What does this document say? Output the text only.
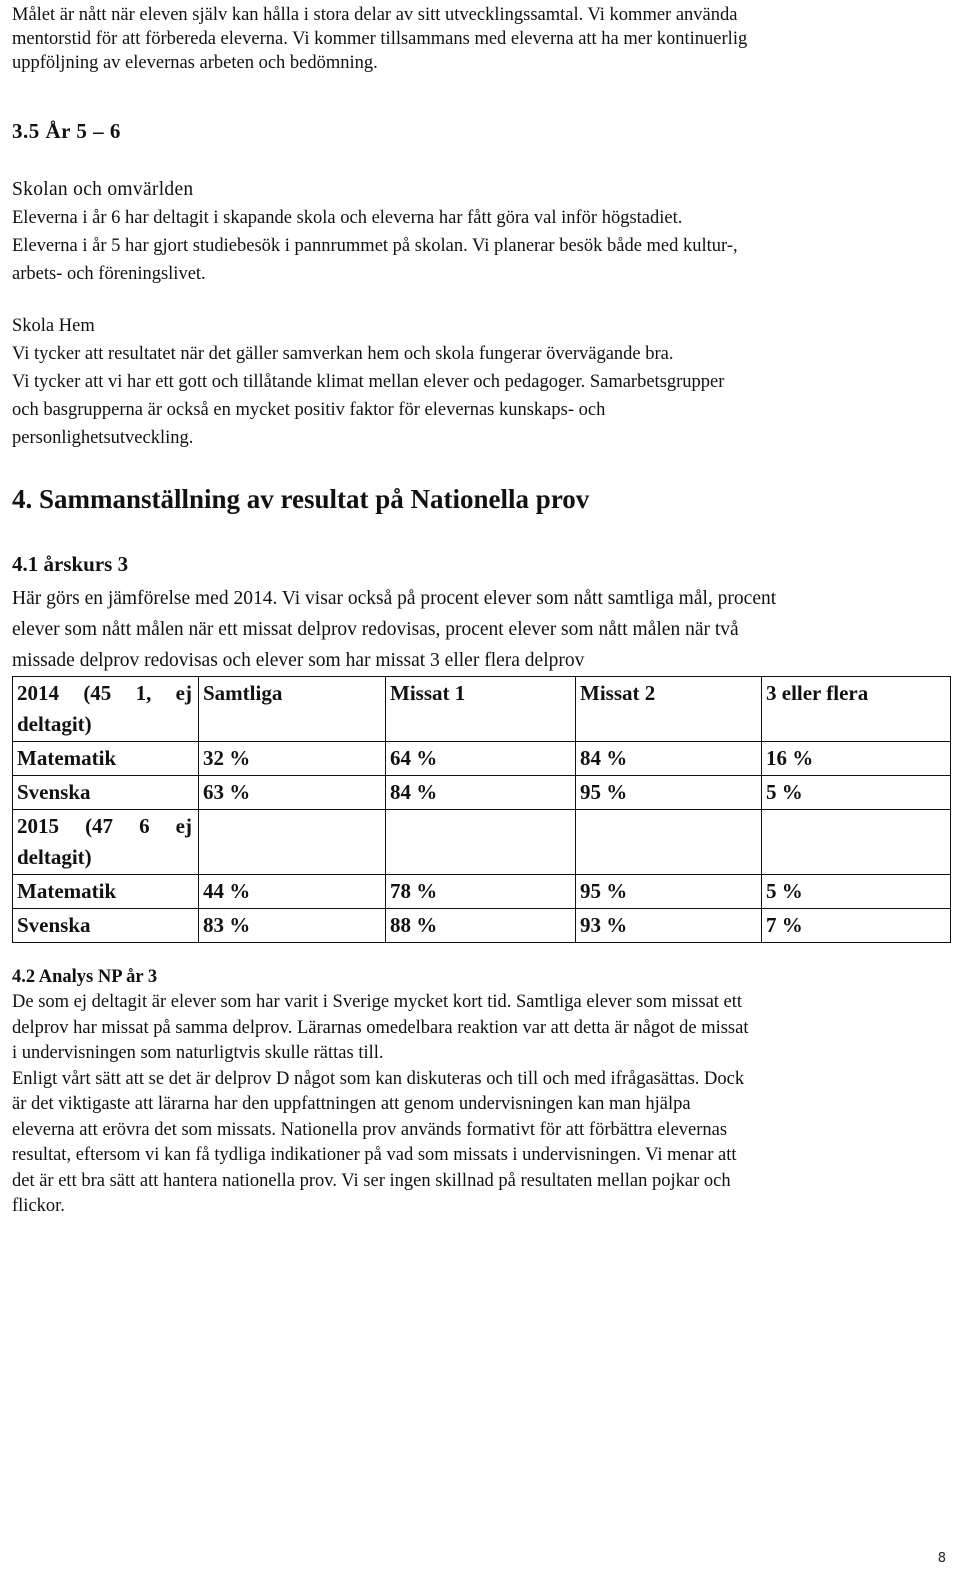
Målet är nått när eleven själv kan hålla i stora delar av sitt utvecklingssamtal. Vi kommer använda

mentorstid för att förbereda eleverna. Vi kommer tillsammans med eleverna att ha mer kontinuerlig

uppföljning av elevernas arbeten och bedömning.

3.5 År 5 – 6

Skolan och omvärlden

Eleverna i år 6 har deltagit i skapande skola och eleverna har fått göra val inför högstadiet.

Eleverna i år 5 har gjort studiebesök i pannrummet på skolan. Vi planerar besök både med kultur-,

arbets- och föreningslivet.

Skola Hem

Vi tycker att resultatet när det gäller samverkan hem och skola fungerar övervägande bra.

Vi tycker att vi har ett gott och tillåtande klimat mellan elever och pedagoger. Samarbetsgrupper

och basgrupperna är också en mycket positiv faktor för elevernas kunskaps- och

personlighetsutveckling.

4. Sammanställning av resultat på Nationella prov
4.1 årskurs 3

Här görs en jämförelse med 2014. Vi visar också på procent elever som nått samtliga mål, procent

elever som nått målen när ett missat delprov redovisas, procent elever som nått målen när två

missade delprov redovisas och elever som har missat 3 eller flera delprov

2014 (45 1, ej deltagit)	Samtliga	Missat 1	Missat 2	3 eller flera
Matematik	32 %	64 %	84 %	16 %
Svenska	63 %	84 %	95 %	5 %
2015 (47 6 ej deltagit)				
Matematik	44 %	78 %	95 %	5 %
Svenska	83 %	88 %	93 %	7 %
4.2 Analys NP år 3

De som ej deltagit är elever som har varit i Sverige mycket kort tid. Samtliga elever som missat ett

delprov har missat på samma delprov. Lärarnas omedelbara reaktion var att detta är något de missat

i undervisningen som naturligtvis skulle rättas till.

Enligt vårt sätt att se det är delprov D något som kan diskuteras och till och med ifrågasättas. Dock

är det viktigaste att lärarna har den uppfattningen att genom undervisningen kan man hjälpa

eleverna att erövra det som missats. Nationella prov används formativt för att förbättra elevernas

resultat, eftersom vi kan få tydliga indikationer på vad som missats i undervisningen. Vi menar att

det är ett bra sätt att hantera nationella prov. Vi ser ingen skillnad på resultaten mellan pojkar och

flickor.

8
